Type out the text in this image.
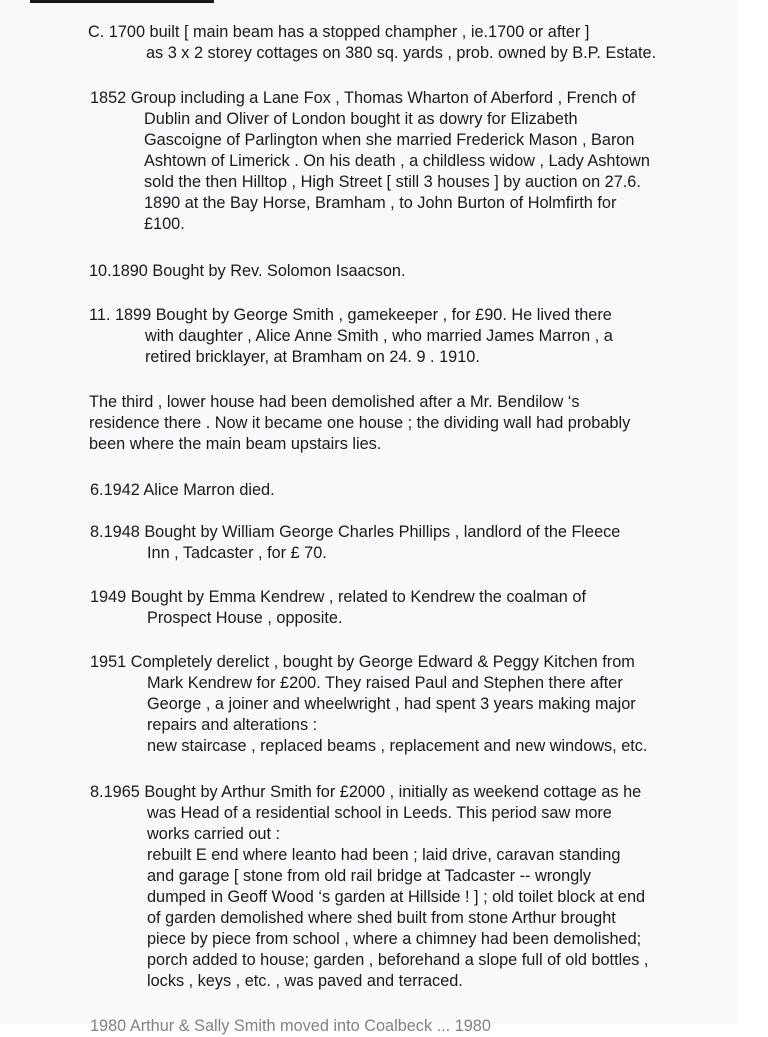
C. 1700 built [ main beam has a stopped champher , ie.1700 or after ]
as 3 x 2 storey cottages on 380 sq. yards , prob. owned by B.P. Estate.
1852 Group including a Lane Fox , Thomas Wharton of Aberford , French of
Dublin and Oliver of London bought it as dowry for Elizabeth
Gascoigne of Parlington when she married Frederick Mason , Baron
Ashtown of Limerick . On his death , a childless widow , Lady Ashtown
sold the then Hilltop , High Street [ still 3 houses ] by auction on 27.6.
1890 at the Bay Horse, Bramham , to John Burton of Holmfirth for
£100.
10.1890 Bought by Rev. Solomon Isaacson.
11. 1899 Bought by George Smith , gamekeeper , for £90. He lived there
with daughter , Alice Anne Smith , who married James Marron , a
retired bricklayer, at Bramham on 24. 9 . 1910.
The third , lower house had been demolished after a Mr. Bendilow ‘s
residence there . Now it became one house ; the dividing wall had probably
been where the main beam upstairs lies.
6.1942 Alice Marron died.
8.1948 Bought by William George Charles Phillips , landlord of the Fleece
Inn , Tadcaster , for £ 70.
1949 Bought by Emma Kendrew , related to Kendrew the coalman of
Prospect House , opposite.
1951 Completely derelict , bought by George Edward & Peggy Kitchen from
Mark Kendrew for £200. They raised Paul and Stephen there after
George , a joiner and wheelwright , had spent 3 years making major
repairs and alterations :
new staircase , replaced beams , replacement and new windows, etc.
8.1965 Bought by Arthur Smith for £2000 , initially as weekend cottage as he
was Head of a residential school in Leeds. This period saw more
works carried out :
rebuilt E end where leanto had been ; laid drive, caravan standing
and garage [ stone from old rail bridge at Tadcaster -- wrongly
dumped in Geoff Wood ‘s garden at Hillside ! ] ; old toilet block at end
of garden demolished where shed built from stone Arthur brought
piece by piece from school , where a chimney had been demolished;
porch added to house; garden , beforehand a slope full of old bottles ,
locks , keys , etc. , was paved and terraced.
1980 Arthur & Sally Smith moved into Coalbeck ... 1980
